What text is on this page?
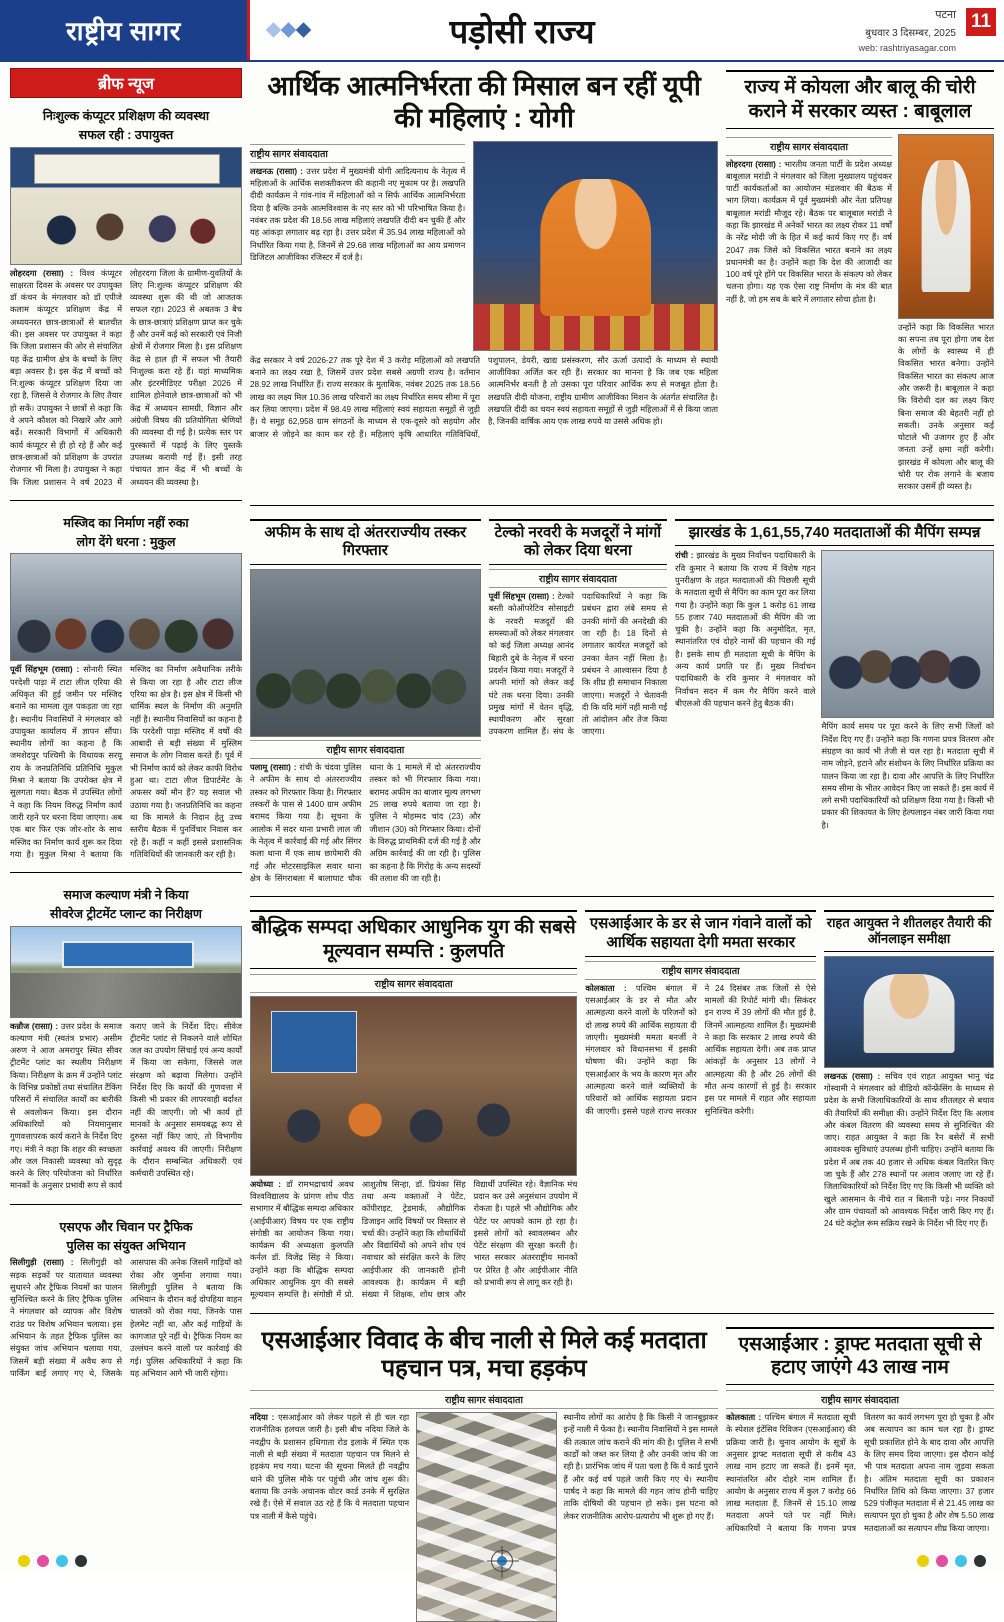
राष्ट्रीय सागर	पड़ोसी राज्य	11
पटना
बुधवार 3 दिसम्बर, 2025
web: rashtriyasagar.com
ब्रीफ न्यूज
निःशुल्क कंप्यूटर प्रशिक्षण की व्यवस्था
सफल रही : उपायुक्त
लोहरदगा (रासाा) : विश्व कंप्यूटर साक्षरता दिवस के अवसर पर उपायुक्त डॉ कंचन के मंगलवार को डॉ एपीजे कलाम कंप्यूटर प्रशिक्षण केंद्र में अध्ययनरत छात्र-छात्राओं से बातचीत की। इस अवसर पर उपायुक्त ने कहा कि जिला प्रशासन की ओर से संचालित यह केंद्र ग्रामीण क्षेत्र के बच्चों के लिए बड़ा अवसर है। इस केंद्र में बच्चों को नि:शुल्क कंप्यूटर प्रशिक्षण दिया जा रहा है, जिससे वे रोजगार के लिए तैयार हो सकें। उपायुक्त ने छात्रों से कहा कि वे अपने कौशल को निखारें और आगे बढ़ें। सरकारी विभागों में अधिकारी कार्य कंप्यूटर से ही हो रहे हैं और कई छात्र-छात्राओं को प्रशिक्षण के उपरांत रोजगार भी मिला है। उपायुक्त ने कहा कि जिला प्रशासन ने वर्ष 2023 में लोहरदगा जिला के ग्रामीण-युवतियों के लिए नि:शुल्क कंप्यूटर प्रशिक्षण की व्यवस्था शुरू की थी जो आजतक सफल रहा। 2023 से अबतक 3 बैच के छात्र-छात्राएं प्रशिक्षण प्राप्त कर चुके हैं और उनमें कई को सरकारी एवं निजी क्षेत्रों में रोजगार मिला है। इस प्रशिक्षण केंद्र से हाल ही में सफल भी तैयारी निःशुल्क करा रहे हैं। यहां माध्यमिक और इंटरमीडिएट परीक्षा 2026 में शामिल होनेवाले छात्र-छात्राओं को भी केंद्र में अध्ययन सामग्री, विज्ञान और अंग्रेजी विषय की प्रतियोगिता श्रेणियों की व्यवस्था दी गई है। प्रत्येक स्तर पर पुरस्कारों में पढ़ाई के लिए पुस्तकें उपलब्ध करायी गई हैं। इसी तरह पंचायत ज्ञान केंद्र में भी बच्चों के अध्ययन की व्यवस्था है।
मस्जिद का निर्माण नहीं रुका
लोग देंगे धरना : मुकुल
पूर्वी सिंहभूम (रासाा) : सोनारी स्थित परदेशी पाड़ा में टाटा लीज एरिया की अधिकृत की हुई जमीन पर मस्जिद बनाने का मामला तूल पकड़ता जा रहा है। स्थानीय निवासियों ने मंगलवार को उपायुक्त कार्यालय में ज्ञापन सौंपा। स्थानीय लोगों का कहना है कि जमशेदपुर पश्चिमी के विधायक सरयू राय के जनप्रतिनिधि प्रतिनिधि मुकुल मिश्रा ने बताया कि उपरोक्त क्षेत्र में सुलगता गया। बैठक में उपस्थित लोगों ने कहा कि नियम विरुद्ध निर्माण कार्य जारी रहने पर धरना दिया जाएगा। अब एक बार फिर एक जोर-शोर के साथ मस्जिद का निर्माण कार्य शुरू कर दिया गया है। मुकुल मिश्रा ने बताया कि मस्जिद का निर्माण अवैधानिक तरीके से किया जा रहा है और टाटा लीज एरिया का क्षेत्र है। इस क्षेत्र में किसी भी धार्मिक स्थल के निर्माण की अनुमति नहीं है। स्थानीय निवासियों का कहना है कि परदेशी पाड़ा मस्जिद में वर्षों की आबादी से बड़ी संख्या में मुस्लिम समाज के लोग निवास करते हैं। पूर्व में भी निर्माण कार्य को लेकर काफी विरोध हुआ था। टाटा लीज डिपार्टमेंट के अफसर क्यों मौन हैं? यह सवाल भी उठाया गया है। जनप्रतिनिधि का कहना था कि मामले के निदान हेतु उच्च स्तरीय बैठक में पुनर्विचार निवास कर रहे हैं। कहीं न कहीं इससे प्रशासनिक गतिविधियों की जानकारी कर रही है।
समाज कल्याण मंत्री ने किया
सीवरेज ट्रीटमेंट प्लान्ट का निरीक्षण
कन्नौज (रासाा) : उत्तर प्रदेश के समाज कल्याण मंत्री (स्वतंत्र प्रभार) असीम अरुण ने आज अमरापुर स्थित सीवर ट्रीटमेंट प्लांट का स्थलीय निरीक्षण किया। निरीक्षण के क्रम में उन्होंने प्लांट के विभिन्न प्रकोष्ठों तथा संचालित टैंकिंग परिसरों में संचालित कार्यों का बारीकी से अवलोकन किया। इस दौरान अधिकारियों को नियमानुसार गुणवत्तापरक कार्य कराने के निर्देश दिए गए। मंत्री ने कहा कि शहर की स्वच्छता और जल निकासी व्यवस्था को सुदृढ़ करने के लिए परियोजना को निर्धारित मानकों के अनुसार प्रभावी रूप से कार्य कराए जाने के निर्देश दिए। सीवेज ट्रीटमेंट प्लांट से निकलने वाले शोधित जल का उपयोग सिंचाई एवं अन्य कार्यों में किया जा सकेगा, जिससे जल संरक्षण को बढ़ावा मिलेगा। उन्होंने निर्देश दिए कि कार्यों की गुणवत्ता में किसी भी प्रकार की लापरवाही बर्दाश्त नहीं की जाएगी। जो भी कार्य हों मानकों के अनुसार समयबद्ध रूप से दुरुस्त नहीं किए जाएं, तो विभागीय कार्रवाई अवश्य की जाएगी। निरीक्षण के दौरान सम्बन्धित अधिकारी एवं कर्मचारी उपस्थित रहे।
एसएफ और चिवान पर ट्रैफिक
पुलिस का संयुक्त अभियान
सिलीगुड़ी (रासाा) : सिलीगुड़ी को सड़क सड़कों पर यातायात व्यवस्था सुधारने और ट्रैफिक नियमों का पालन सुनिश्चित करने के लिए ट्रैफिक पुलिस ने मंगलवार को व्यापक और विशेष राउंड पर विशेष अभियान चलाया। इस अभियान के तहत ट्रैफिक पुलिस का संयुक्त जांच अभियान चलाया गया, जिसमें बड़ी संख्या में अवैध रूप से पार्किंग बाईं लगाए गए थे, जिसके आसपास की अनेक जिसमें गाड़ियों को रोका और जुर्माना लगाया गया। सिलीगुड़ी पुलिस ने बताया कि अभियान के दौरान कई दोपहिया वाहन चालकों को रोका गया, जिनके पास हेलमेट नहीं था, और कई गाड़ियों के कागजात पूरे नहीं थे। ट्रैफिक नियम का उल्लंघन करने वालों पर कार्रवाई की गई। पुलिस अधिकारियों ने कहा कि यह अभियान आगे भी जारी रहेगा।
आर्थिक आत्मनिर्भरता की मिसाल बन रहीं यूपी की महिलाएं : योगी
राष्ट्रीय सागर संवाददाता
लखनऊ (रासाा) : उत्तर प्रदेश में मुख्यमंत्री योगी आदित्यनाथ के नेतृत्व में महिलाओं के आर्थिक सशक्तीकरण की कहानी नए मुकाम पर है। लखपति दीदी कार्यक्रम ने गांव-गांव में महिलाओं को न सिर्फ आर्थिक आत्मनिर्भरता दिया है बल्कि उनके आत्मविश्वास के नए स्तर को भी परिभाषित किया है। नवंबर तक प्रदेश की 18.56 लाख महिलाएं लखपति दीदी बन चुकी हैं और यह आंकड़ा लगातार बढ़ रहा है। उत्तर प्रदेश में 35.94 लाख महिलाओं को निर्धारित किया गया है, जिनमें से 29.68 लाख महिलाओं का आय प्रमाणन डिजिटल आजीविका रजिस्टर में दर्ज है।
केंद्र सरकार ने वर्ष 2026-27 तक पूरे देश में 3 करोड़ महिलाओं को लखपति बनाने का लक्ष्य रखा है, जिसमें उत्तर प्रदेश सबसे अग्रणी राज्य है। वर्तमान 28.92 लाख निर्धारित हैं। राज्य सरकार के मुताबिक, नवंबर 2025 तक 18.56 लाख का लक्ष्य मिल 10.36 लाख परिवारों का लक्ष्य निर्धारित समय सीमा में पूरा कर लिया जाएगा। प्रदेश में 98.49 लाख महिलाएं स्वयं सहायता समूहों से जुड़ी हैं। ये समूह 62,958 ग्राम संगठनों के माध्यम से एक-दूसरे को सहयोग और बाजार से जोड़ने का काम कर रहे हैं। महिलाएं कृषि आधारित गतिविधियों, पशुपालन, डेयरी, खाद्य प्रसंस्करण, सौर ऊर्जा उत्पादों के माध्यम से स्थायी आजीविका अर्जित कर रही हैं। सरकार का मानना है कि जब एक महिला आत्मनिर्भर बनती है तो उसका पूरा परिवार आर्थिक रूप से मजबूत होता है। लखपति दीदी योजना, राष्ट्रीय ग्रामीण आजीविका मिशन के अंतर्गत संचालित है। लखपति दीदी का चयन स्वयं सहायता समूहों से जुड़ी महिलाओं में से किया जाता है, जिनकी वार्षिक आय एक लाख रुपये या उससे अधिक हो।
राज्य में कोयला और बालू की चोरी कराने में सरकार व्यस्त : बाबूलाल
राष्ट्रीय सागर संवाददाता
लोहरदगा (रासाा) : भारतीय जनता पार्टी के प्रदेश अध्यक्ष बाबूलाल मरांडी ने मंगलवार को जिला मुख्यालय पहुंचकर पार्टी कार्यकर्ताओं का आयोजन मंडलवार की बैठक में भाग लिया। कार्यक्रम में पूर्व मुख्यमंत्री और नेता प्रतिपक्ष बाबूलाल मरांडी मौजूद रहे। बैठक पर बालूबाल मरांडी ने कहा कि झारखंड में अनेकों भारत का लक्ष्य रोकर 11 वर्षों के नरेंद्र मोदी जी के हित में कई कार्य किए गए हैं। वर्ष 2047 तक जिसे को विकसित भारत बनाने का लक्ष्य प्रधानमंत्री का है। उन्होंने कहा कि देश की आजादी का 100 वर्ष पूरे होंगे पर विकसित भारत के संकल्प को लेकर चलना होगा। यह एक ऐसा राष्ट्र निर्माण के मंत्र की बात नहीं है, जो हम सब के बारे में लगातार सोचा होता है।
उन्होंने कहा कि विकसित भारत का सपना तब पूरा होगा जब देश के लोगों के स्वास्थ्य में ही विकसित भारत बनेगा। उन्होंने विकसित भारत का संकल्प आज और जरूरी है। बाबूलाल ने कहा कि विरोधी दल का लक्ष्य किए बिना समाज की बेहतरी नहीं हो सकती। उनके अनुसार कई घोटाले भी उजागर हुए हैं और जनता उन्हें क्षमा नहीं करेगी। झारखंड में कोयला और बालू की चोरी पर रोक लगाने के बजाय सरकार उसमें ही व्यस्त है।
अफीम के साथ दो अंतरराज्यीय तस्कर गिरफ्तार
राष्ट्रीय सागर संवाददाता
पलामू (रासाा) : रांची के चंदवा पुलिस ने अफीम के साथ दो अंतरराज्यीय तस्कर को गिरफ्तार किया है। गिरफ्तार तस्करों के पास से 1400 ग्राम अफीम बरामद किया गया है। सूचना के आलोक में सदर थाना प्रभारी लाल जी के नेतृत्व में कार्रवाई की गई और सिंगर कला थाना मैं एक साथ छापेमारी की गई और मोटरसाइकिल सवार थाना क्षेत्र के सिंगराबला में बालाघाट चौक थाना के 1 मामले में दो अंतरराज्यीय तस्कर को भी गिरफ्तार किया गया। बरामद अफीम का बाजार मूल्य लगभग 25 लाख रुपये बताया जा रहा है। पुलिस ने मोहम्मद चांद (23) और जीशान (30) को गिरफ्तार किया। दोनों के विरुद्ध प्राथमिकी दर्ज की गई है और अग्रिम कार्रवाई की जा रही है। पुलिस का कहना है कि गिरोह के अन्य सदस्यों की तलाश की जा रही है।
टेल्को नरवरी के मजदूरों ने मांगों को लेकर दिया धरना
राष्ट्रीय सागर संवाददाता
पूर्वी सिंहभूम (रासाा) : टेल्को बस्ती कोऑपरेटिव सोसाइटी के नरवरी मजदूरों की समस्याओं को लेकर मंगलवार को कई जिला अध्यक्ष आनंद बिहारी दुबे के नेतृत्व में धरना प्रदर्शन किया गया। मजदूरों ने अपनी मांगों को लेकर कई घंटे तक धरना दिया। उनकी प्रमुख मांगों में वेतन वृद्धि, स्थायीकरण और सुरक्षा उपकरण शामिल हैं। संघ के पदाधिकारियों ने कहा कि प्रबंधन द्वारा लंबे समय से उनकी मांगों की अनदेखी की जा रही है। 18 दिनों से लगातार कार्यरत मजदूरों को उनका वेतन नहीं मिला है। प्रबंधन ने आश्वासन दिया है कि शीघ्र ही समाधान निकाला जाएगा। मजदूरों ने चेतावनी दी कि यदि मांगें नहीं मानी गईं तो आंदोलन और तेज किया जाएगा।
झारखंड के 1,61,55,740 मतदाताओं की मैपिंग सम्पन्न
रांची : झारखंड के मुख्य निर्वाचन पदाधिकारी के रवि कुमार ने बताया कि राज्य में विशेष गहन पुनरीक्षण के तहत मतदाताओं की पिछली सूची के मतदाता सूची से मैपिंग का काम पूरा कर लिया गया है। उन्होंने कहा कि कुल 1 करोड़ 61 लाख 55 हजार 740 मतदाताओं की मैपिंग की जा चुकी है। उन्होंने कहा कि अनुमोदित, मृत, स्थानांतरित एवं दोहरे नामों की पहचान की गई है। इसके साथ ही मतदाता सूची के मैपिंग के अन्य कार्य प्रगति पर हैं। मुख्य निर्वाचन पदाधिकारी के रवि कुमार ने मंगलवार को निर्वाचन सदन में कम गैर मैपिंग करने वाले बीएलओ की पहचान करने हेतु बैठक की।
मैपिंग कार्य समय पर पूरा करने के लिए सभी जिलों को निर्देश दिए गए हैं। उन्होंने कहा कि गणना प्रपत्र वितरण और संग्रहण का कार्य भी तेजी से चल रहा है। मतदाता सूची में नाम जोड़ने, हटाने और संशोधन के लिए निर्धारित प्रक्रिया का पालन किया जा रहा है। दावा और आपत्ति के लिए निर्धारित समय सीमा के भीतर आवेदन किए जा सकते हैं। इस कार्य में लगे सभी पदाधिकारियों को प्रशिक्षण दिया गया है। किसी भी प्रकार की शिकायत के लिए हेल्पलाइन नंबर जारी किया गया है।
बौद्धिक सम्पदा अधिकार आधुनिक युग की सबसे मूल्यवान सम्पत्ति : कुलपति
राष्ट्रीय सागर संवाददाता
अयोध्या : डॉ रामभद्राचार्य अवध विश्वविद्यालय के प्रांगण शोध पीठ सभागार में बौद्धिक सम्पदा अधिकार (आईपीआर) विषय पर एक राष्ट्रीय संगोष्ठी का आयोजन किया गया। कार्यक्रम की अध्यक्षता कुलपति कर्नल डॉ. विजेंद्र सिंह ने किया। उन्होंने कहा कि बौद्धिक सम्पदा अधिकार आधुनिक युग की सबसे मूल्यवान सम्पत्ति है। संगोष्ठी में प्रो. आशुतोष सिन्हा, डॉ. प्रियंका सिंह तथा अन्य वक्ताओं ने पेटेंट, कॉपीराइट, ट्रेडमार्क, औद्योगिक डिजाइन आदि विषयों पर विस्तार से चर्चा की। उन्होंने कहा कि शोधार्थियों और विद्यार्थियों को अपने शोध एवं नवाचार को संरक्षित करने के लिए आईपीआर की जानकारी होनी आवश्यक है। कार्यक्रम में बड़ी संख्या में शिक्षक, शोध छात्र और विद्यार्थी उपस्थित रहे। वैज्ञानिक मंच प्रदान कर उसे अनुसंधान उपयोग में रोकता है। पहले भी औद्योगिक और पेटेंट पर आपको काम हो रहा है। इससे लोगों को स्वावलम्बन और पेटेंट संरक्षण की सुरक्षा करती है। भारत सरकार अंतरराष्ट्रीय मानकों पर प्रेरित है और आईपीआर नीति को प्रभावी रूप से लागू कर रही है।
एसआईआर के डर से जान गंवाने वालों को आर्थिक सहायता देगी ममता सरकार
राष्ट्रीय सागर संवाददाता
कोलकाता : पश्चिम बंगाल में एसआईआर के डर से मौत और आत्महत्या करने वालों के परिजनों को दो लाख रुपये की आर्थिक सहायता दी जाएगी। मुख्यमंत्री ममता बनर्जी ने मंगलवार को विधानसभा में इसकी घोषणा की। उन्होंने कहा कि एसआईआर के भय के कारण मृत और आत्महत्या करने वाले व्यक्तियों के परिवारों को आर्थिक सहायता प्रदान की जाएगी। इससे पहले राज्य सरकार ने 24 दिसंबर तक जिलों से ऐसे मामलों की रिपोर्ट मांगी थी। सिकंदर इन राज्य में 39 लोगों की मौत हुई है, जिनमें आत्महत्या शामिल हैं। मुख्यमंत्री ने कहा कि सरकार 2 लाख रुपये की आर्थिक सहायता देगी। अब तक प्राप्त आंकड़ों के अनुसार 13 लोगों ने आत्महत्या की है और 26 लोगों की मौत अन्य कारणों से हुई है। सरकार इस पर मामले में राहत और सहायता सुनिश्चित करेगी।
राहत आयुक्त ने शीतलहर तैयारी की ऑनलाइन समीक्षा
लखनऊ (रासाा) : सचिव एवं राहत आयुक्त भानु चंद्र गोस्वामी ने मंगलवार को वीडियो कॉन्फ्रेंसिंग के माध्यम से प्रदेश के सभी जिलाधिकारियों के साथ शीतलहर से बचाव की तैयारियों की समीक्षा की। उन्होंने निर्देश दिए कि अलाव और कंबल वितरण की व्यवस्था समय से सुनिश्चित की जाए। राहत आयुक्त ने कहा कि रैन बसेरों में सभी आवश्यक सुविधाएं उपलब्ध होनी चाहिए। उन्होंने बताया कि प्रदेश में अब तक 40 हजार से अधिक कंबल वितरित किए जा चुके हैं और 278 स्थानों पर अलाव जलाए जा रहे हैं। जिलाधिकारियों को निर्देश दिए गए कि किसी भी व्यक्ति को खुले आसमान के नीचे रात न बितानी पड़े। नगर निकायों और ग्राम पंचायतों को आवश्यक निर्देश जारी किए गए हैं। 24 घंटे कंट्रोल रूम सक्रिय रखने के निर्देश भी दिए गए हैं।
एसआईआर विवाद के बीच नाली से मिले कई मतदाता पहचान पत्र, मचा हड़कंप
राष्ट्रीय सागर संवाददाता
नदिया : एसआईआर को लेकर पहले से ही चल रहा राजनीतिक हलचल जारी है। इसी बीच नदिया जिले के नवद्वीप के प्रशासन हथिगाता रोड इलाके में स्थित एक नाली से बड़ी संख्या में मतदाता पहचान पत्र मिलने से हड़कंप मच गया। घटना की सूचना मिलते ही नवद्वीप थाने की पुलिस मौके पर पहुंची और जांच शुरू की। बताया कि उनके अचानक वोटर कार्ड उनके में सुरक्षित रखे हैं। ऐसे में सवाल उठ रहे हैं कि ये मतदाता पहचान पत्र नाली में कैसे पहुंचे।
स्थानीय लोगों का आरोप है कि किसी ने जानबूझकर इन्हें नाली में फेंका है। स्थानीय निवासियों ने इस मामले की तत्काल जांच कराने की मांग की है। पुलिस ने सभी कार्डों को जब्त कर लिया है और उनकी जांच की जा रही है। प्रारंभिक जांच में पता चला है कि ये कार्ड पुराने हैं और कई वर्ष पहले जारी किए गए थे। स्थानीय पार्षद ने कहा कि मामले की गहन जांच होनी चाहिए ताकि दोषियों की पहचान हो सके। इस घटना को लेकर राजनीतिक आरोप-प्रत्यारोप भी शुरू हो गए हैं।
एसआईआर : ड्राफ्ट मतदाता सूची से हटाए जाएंगे 43 लाख नाम
राष्ट्रीय सागर संवाददाता
कोलकाता : पश्चिम बंगाल में मतदाता सूची के स्पेशल इंटेंसिव रिविजन (एसआईआर) की प्रक्रिया जारी है। चुनाव आयोग के सूत्रों के अनुसार ड्राफ्ट मतदाता सूची से करीब 43 लाख नाम हटाए जा सकते हैं। इनमें मृत, स्थानांतरित और दोहरे नाम शामिल हैं। आयोग के अनुसार राज्य में कुल 7 करोड़ 66 लाख मतदाता हैं, जिनमें से 15.10 लाख मतदाता अपने पते पर नहीं मिले। अधिकारियों ने बताया कि गणना प्रपत्र वितरण का कार्य लगभग पूरा हो चुका है और अब सत्यापन का काम चल रहा है। ड्राफ्ट सूची प्रकाशित होने के बाद दावा और आपत्ति के लिए समय दिया जाएगा। इस दौरान कोई भी पात्र मतदाता अपना नाम जुड़वा सकता है। अंतिम मतदाता सूची का प्रकाशन निर्धारित तिथि को किया जाएगा। 37 हजार 529 पंजीकृत मतदाता में से 21.45 लाख का सत्यापन पूरा हो चुका है और शेष 5.50 लाख मतदाताओं का सत्यापन शीघ्र किया जाएगा।
